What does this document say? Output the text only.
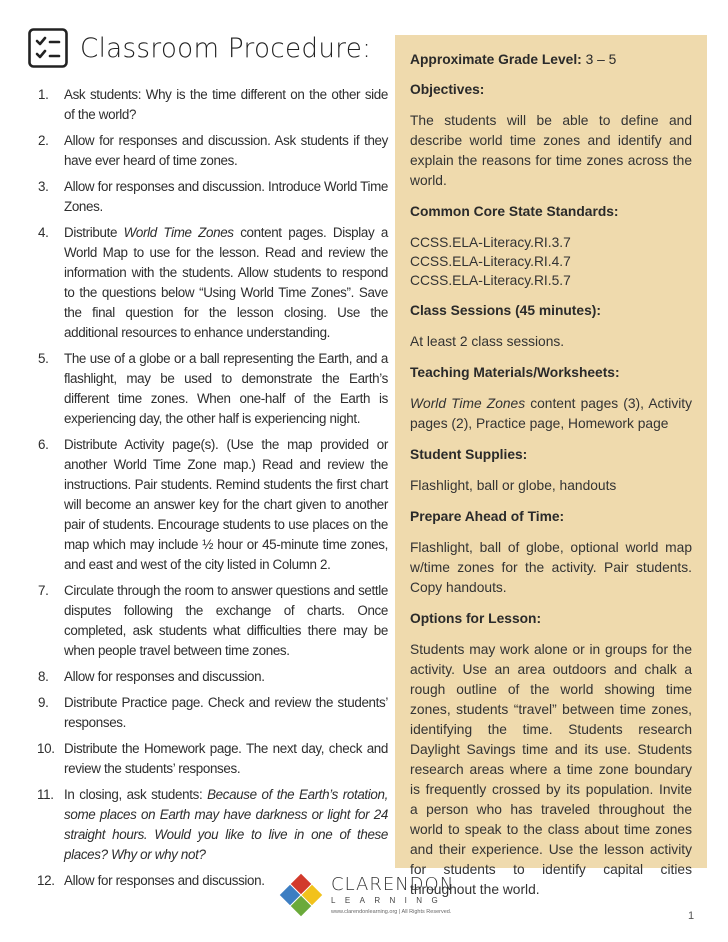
Classroom Procedure:
1.	Ask students: Why is the time different on the other side of the world?
2.	Allow for responses and discussion. Ask students if they have ever heard of time zones.
3.	Allow for responses and discussion. Introduce World Time Zones.
4.	Distribute World Time Zones content pages. Display a World Map to use for the lesson. Read and review the information with the students. Allow students to respond to the questions below “Using World Time Zones”. Save the final question for the lesson closing. Use the additional resources to enhance understanding.
5.	The use of a globe or a ball representing the Earth, and a flashlight, may be used to demonstrate the Earth’s different time zones. When one-half of the Earth is experiencing day, the other half is experiencing night.
6.	Distribute Activity page(s). (Use the map provided or another World Time Zone map.) Read and review the instructions. Pair students. Remind students the first chart will become an answer key for the chart given to another pair of students. Encourage students to use places on the map which may include ½ hour or 45-minute time zones, and east and west of the city listed in Column 2.
7.	Circulate through the room to answer questions and settle disputes following the exchange of charts. Once completed, ask students what difficulties there may be when people travel between time zones.
8.	Allow for responses and discussion.
9.	Distribute Practice page. Check and review the students’ responses.
10. Distribute the Homework page. The next day, check and review the students’ responses.
11. In closing, ask students: Because of the Earth’s rotation, some places on Earth may have darkness or light for 24 straight hours. Would you like to live in one of these places? Why or why not?
12. Allow for responses and discussion.
Approximate Grade Level: 3 – 5
Objectives:

The students will be able to define and describe world time zones and identify and explain the reasons for time zones across the world.

Common Core State Standards:

CCSS.ELA-Literacy.RI.3.7

CCSS.ELA-Literacy.RI.4.7

CCSS.ELA-Literacy.RI.5.7

Class Sessions (45 minutes):

At least 2 class sessions.

Teaching Materials/Worksheets:

World Time Zones content pages (3), Activity pages (2), Practice page, Homework page

Student Supplies:

Flashlight, ball or globe, handouts

Prepare Ahead of Time:

Flashlight, ball of globe, optional world map w/time zones for the activity. Pair students. Copy handouts.

Options for Lesson:

Students may work alone or in groups for the activity. Use an area outdoors and chalk a rough outline of the world showing time zones, students “travel” between time zones, identifying the time. Students research Daylight Savings time and its use. Students research areas where a time zone boundary is frequently crossed by its population. Invite a person who has traveled throughout the world to speak to the class about time zones and their experience. Use the lesson activity for students to identify capital cities throughout the world.

CLARENDON
LEARNING
www.clarendonlearning.org | All Rights Reserved.	1
